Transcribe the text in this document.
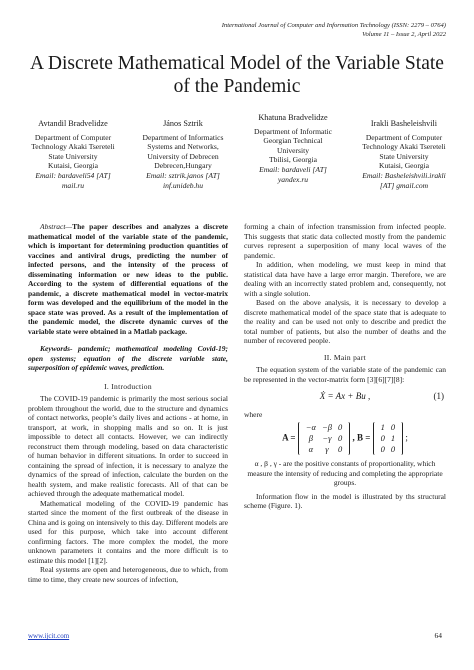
International Journal of Computer and Information Technology (ISSN: 2279 – 0764)
Volume 11 – Issue 2, April 2022
A Discrete Mathematical Model of the Variable State
of the Pandemic
Avtandil Bradvelidze
Department of Computer
Technology Akaki Tsereteli
State University
Kutaisi, Georgia
Email: bardaveli54 [AT]
mail.ru
János Sztrik
Department of Informatics
Systems and Networks,
University of Debrecen
Debrecen,Hungary
Email: sztrik.janos [AT]
inf.unideb.hu
Khatuna Bradvelidze
Department of Informatic
Georgian Technical
University
Tbilisi, Georgia
Email: bardaveli [AT]
yandex.ru
Irakli Basheleishvili
Department of Computer
Technology Akaki Tsereteli
State University
Kutaisi, Georgia
Email: Basheleishvili.irakli
[AT] gmail.com

Abstract—The paper describes and analyzes a discrete mathematical model of the variable state of the pandemic, which is important for determining production quantities of vaccines and antiviral drugs, predicting the number of infected persons, and the intensity of the process of disseminating information or new ideas to the public. According to the system of differential equations of the pandemic, a discrete mathematical model in vector-matrix form was developed and the equilibrium of the model in the space state was proved. As a result of the implementation of the pandemic model, the discrete dynamic curves of the variable state were obtained in a Matlab package.

Keywords- pandemic; mathematical modeling Covid-19; open systems; equation of the discrete variable state, superposition of epidemic waves, prediction.

I. Introduction

The COVID-19 pandemic is primarily the most serious social problem throughout the world, due to the structure and dynamics of contact networks, people’s daily lives and actions - at home, in transport, at work, in shopping malls and so on. It is just impossible to detect all contacts. However, we can indirectly reconstruct them through modeling, based on data characteristic of human behavior in different situations. In order to succeed in containing the spread of infection, it is necessary to analyze the dynamics of the spread of infection, calculate the burden on the health system, and make realistic forecasts. All of that can be achieved through the adequate mathematical model.

Mathematical modeling of the COVID-19 pandemic has started since the moment of the first outbreak of the disease in China and is going on intensively to this day. Different models are used for this purpose, which take into account different confirming factors. The more complex the model, the more unknown parameters it contains and the more difficult is to estimate this model [1][2].

Real systems are open and heterogeneous, due to which, from time to time, they create new sources of infection,

forming a chain of infection transmission from infected people. This suggests that static data collected mostly from the pandemic curves represent a superposition of many local waves of the pandemic.

In addition, when modeling, we must keep in mind that statistical data have have a large error margin. Therefore, we are dealing with an incorrectly stated problem and, consequently, not with a single solution.

Based on the above analysis, it is necessary to develop a discrete mathematical model of the space state that is adequate to the reality and can be used not only to describe and predict the total number of patients, but also the number of deaths and the number of recovered people.

II. Main part

The equation system of the variable state of the pandemic can be represented in the vector-matrix form [3][6][7][8]:

Ẋ = Ax + Bu ,	(1)

where

A =
−α	−β	0
β	−γ	0
α	γ	0
, B =
1	0
0	1
0	0
;

α , β , γ - are the positive constants of proportionality, which measure the intensity of reducing and completing the appropriate groups.

Information flow in the model is illustrated by ths structural scheme (Figure. 1).

www.ijcit.com	64
